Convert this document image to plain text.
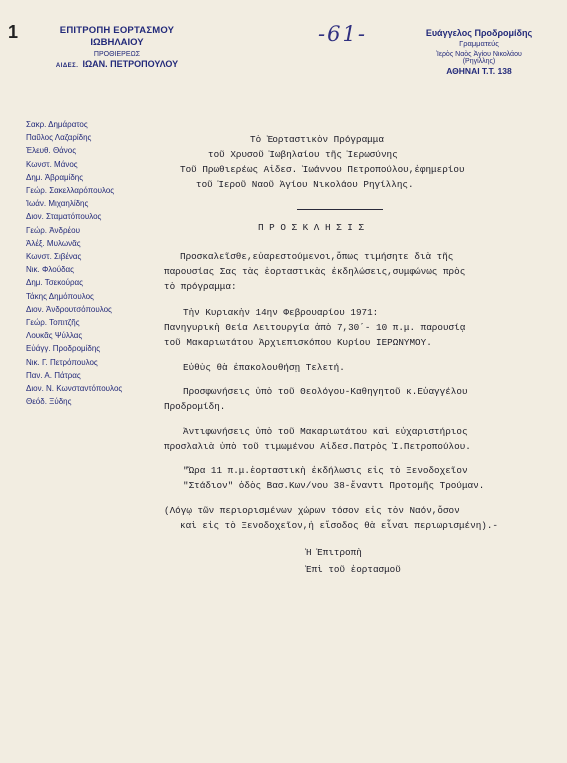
1	ΕΠΙΤΡΟΠΗ ΕΟΡΤΑΣΜΟΥ
ΙΩΒΗΛΑΙΟΥ
ΠΡΟΘΙΕΡΕΩΣ
ΑΙΔΕΣ. ΙΩΑΝ. ΠΕΤΡΟΠΟΥΛΟΥ
-61-	Ευάγγελος Προδρομίδης
Γραμματεύς
Ἱερὸς Ναὸς Ἁγίου Νικολάου
(Ρηγίλλης)
ΑΘΗΝΑΙ Τ.Τ. 138
Σακρ. Δημάρατος
Παῦλος Λαζαρίδης
Ἐλευθ. Θάνος
Κωνστ. Μάνος
Δημ. Ἀβραμίδης
Γεώρ. Σακελλαρόπουλος
Ἰωάν. Μιχαηλίδης
Διον. Σταματόπουλος
Γεώρ. Ἀνδρέου
Ἀλέξ. Μυλωνᾶς
Κωνστ. Σιβένας
Νικ. Φλούδας
Δημ. Τσεκούρας
Τάκης Δημόπουλος
Διον. Ἀνδρουτσόπουλος
Γεώρ. Τοπιτζῆς
Λουκᾶς Ψύλλας
Εὐάγγ. Προδρομίδης
Νικ. Γ. Πετρόπουλος
Παν. Α. Πάτρας
Διον. Ν. Κωνσταντόπουλος
Θεόδ. Ξύδης
Τὸ Ἑορταστικὸν Πρόγραμμα
τοῦ Χρυσοῦ Ἰωβηλαίου τῆς Ἱερωσύνης
Τοῦ Πρωθιερέως Αἰδεσ. Ἰωάννου Πετροπούλου,ἐφημερίου
τοῦ Ἱεροῦ Ναοῦ Ἁγίου Νικολάου Ρηγίλλης.
Π Ρ Ο Σ Κ Λ Η Σ Ι Σ
Προσκαλεῖσθε,εὐαρεστούμενοι,ὅπως τιμήσητε διὰ τῆς
παρουσίας Σας τὰς ἑορταστικὰς ἐκδηλώσεις,συμφώνως πρὸς
τὸ πρόγραμμα:
Τὴν Κυριακὴν 14ην Φεβρουαρίου 1971:
Πανηγυρικὴ Θεία Λειτουργία ἀπὸ 7,30΄- 10 π.μ. παρουσίᾳ
τοῦ Μακαριωτάτου Ἀρχιεπισκόπου Κυρίου ΙΕΡΩΝΥΜΟΥ.
Εὐθὺς θὰ ἐπακολουθήσῃ Τελετή.
Προσφωνήσεις ὑπὸ τοῦ Θεολόγου-Καθηγητοῦ κ.Εὐαγγέλου
Προδρομίδη.
Ἀντιφωνήσεις ὑπὸ τοῦ Μακαριωτάτου καὶ εὐχαριστήριος
προσλαλιὰ ὑπὸ τοῦ τιμωμένου Αἰδεσ.Πατρὸς Ἰ.Πετροπούλου.
"Ὥρα 11 π.μ.ἑορταστικὴ ἐκδήλωσις εἰς τὸ Ξενοδοχεῖον
"Στάδιον" ὁδὸς Βασ.Κων/νου 38-ἔναντι Προτομῆς Τρούμαν.
(Λόγῳ τῶν περιορισμένων χώρων τόσον εἰς τὸν Ναόν,ὅσον
καὶ εἰς τὸ Ξενοδοχεῖον,ἡ εἴσοδος θὰ εἶναι περιωρισμένη).-
Ἡ Ἐπιτροπὴ
Ἐπὶ τοῦ ἑορτασμοῦ
